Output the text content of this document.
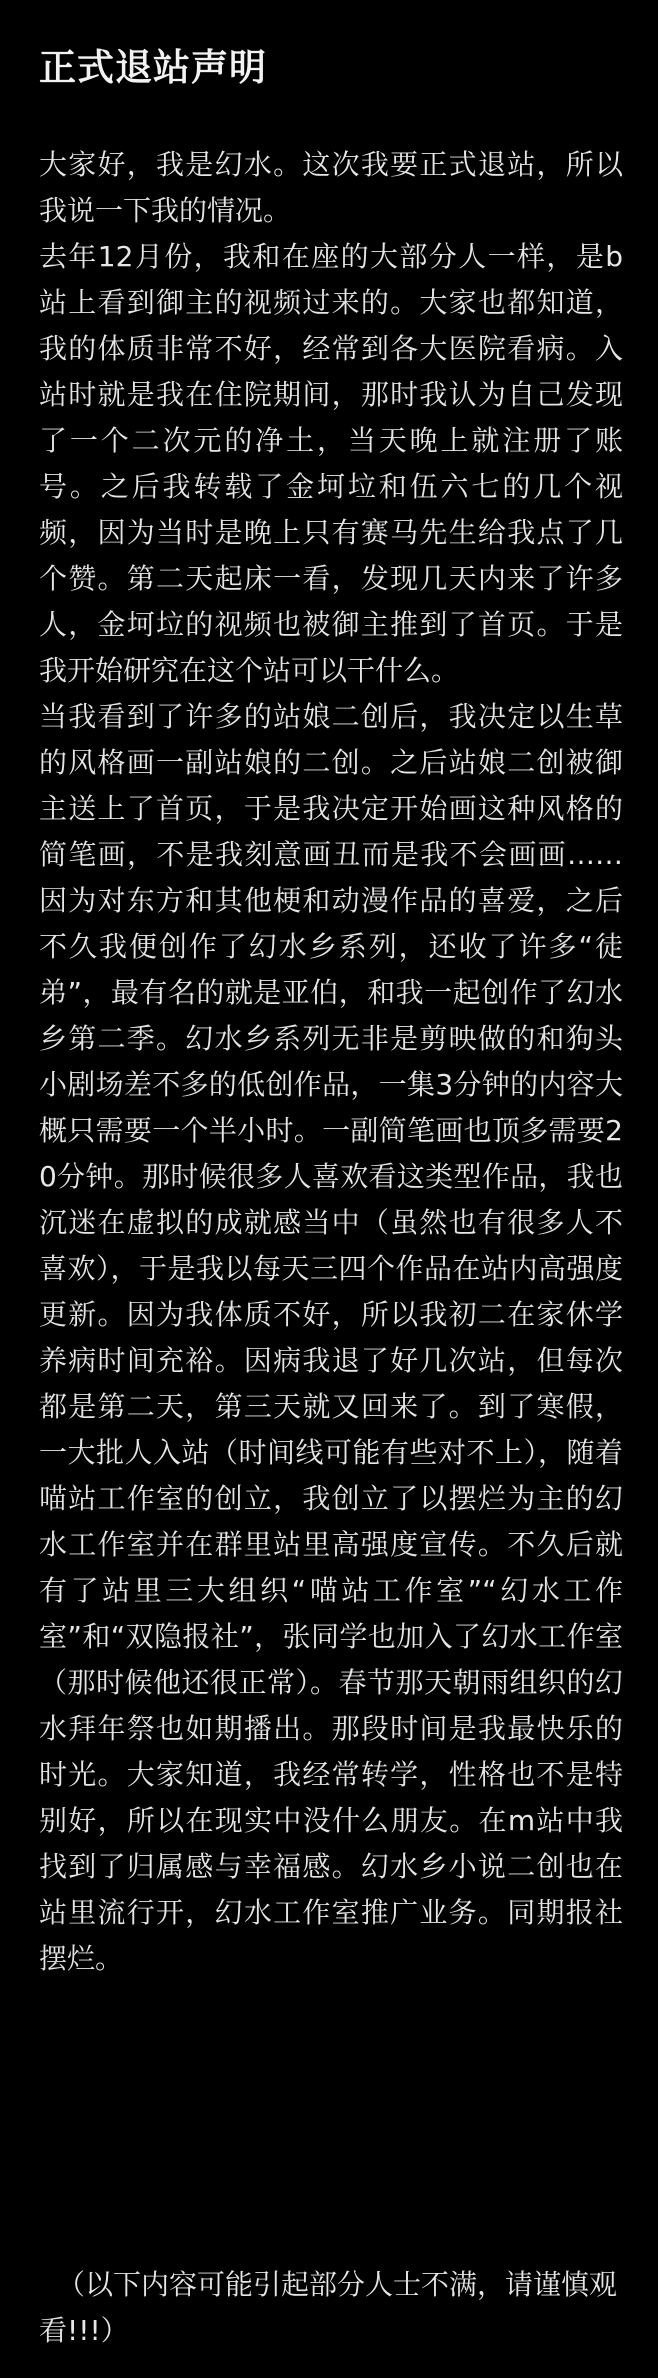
正式退站声明

大家好，我是幻水。这次我要正式退站，所以我说一下我的情况。

去年12月份，我和在座的大部分人一样，是b站上看到御主的视频过来的。大家也都知道，我的体质非常不好，经常到各大医院看病。入站时就是我在住院期间，那时我认为自己发现了一个二次元的净土，当天晚上就注册了账号。之后我转载了金坷垃和伍六七的几个视频，因为当时是晚上只有赛马先生给我点了几个赞。第二天起床一看，发现几天内来了许多人，金坷垃的视频也被御主推到了首页。于是我开始研究在这个站可以干什么。

当我看到了许多的站娘二创后，我决定以生草的风格画一副站娘的二创。之后站娘二创被御主送上了首页，于是我决定开始画这种风格的简笔画，不是我刻意画丑而是我不会画画……因为对东方和其他梗和动漫作品的喜爱，之后不久我便创作了幻水乡系列，还收了许多“徒弟”，最有名的就是亚伯，和我一起创作了幻水乡第二季。幻水乡系列无非是剪映做的和狗头小剧场差不多的低创作品，一集3分钟的内容大概只需要一个半小时。一副简笔画也顶多需要20分钟。那时候很多人喜欢看这类型作品，我也沉迷在虚拟的成就感当中（虽然也有很多人不喜欢），于是我以每天三四个作品在站内高强度更新。因为我体质不好，所以我初二在家休学养病时间充裕。因病我退了好几次站，但每次都是第二天，第三天就又回来了。到了寒假，一大批人入站（时间线可能有些对不上），随着喵站工作室的创立，我创立了以摆烂为主的幻水工作室并在群里站里高强度宣传。不久后就有了站里三大组织“喵站工作室”“幻水工作室”和“双隐报社”，张同学也加入了幻水工作室（那时候他还很正常）。春节那天朝雨组织的幻水拜年祭也如期播出。那段时间是我最快乐的时光。大家知道，我经常转学，性格也不是特别好，所以在现实中没什么朋友。在m站中我找到了归属感与幸福感。幻水乡小说二创也在站里流行开，幻水工作室推广业务。同期报社摆烂。

（以下内容可能引起部分人士不满，请谨慎观看!!!）
